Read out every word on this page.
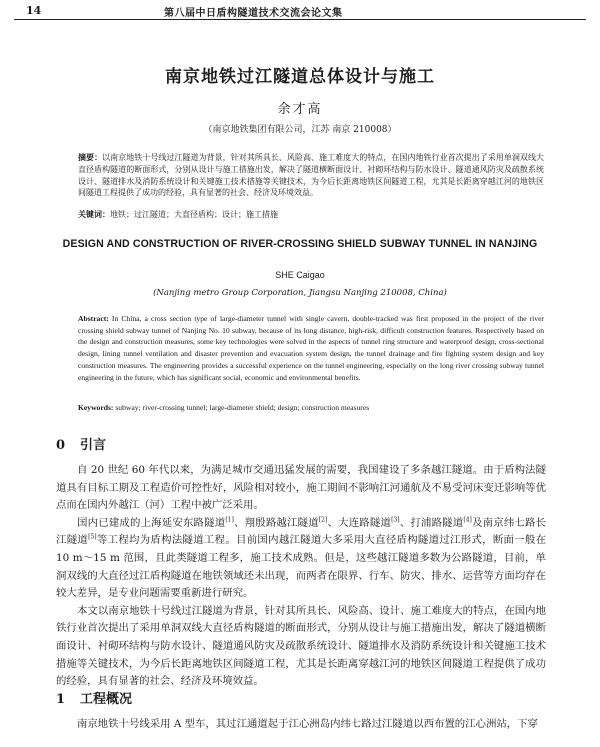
14	第八届中日盾构隧道技术交流会论文集
南京地铁过江隧道总体设计与施工
余才高
（南京地铁集团有限公司，江苏 南京 210008）
摘要：以南京地铁十号线过江隧道为背景，针对其所具长、风险高、施工难度大的特点，在国内地铁行业首次提出了采用单洞双线大直径盾构隧道的断面形式，分别从设计与施工措施出发，解决了隧道横断面设计、衬砌环结构与防水设计、隧道通风防灾及疏散系统设计、隧道排水及消防系统设计和关键施工技术措施等关键技术，为今后长距离地铁区间隧道工程，尤其是长距离穿越江河的地铁区间隧道工程提供了成功的经验，具有显著的社会、经济及环境效益。
关键词：地铁；过江隧道；大直径盾构；设计；施工措施
DESIGN AND CONSTRUCTION OF RIVER-CROSSING SHIELD SUBWAY TUNNEL IN NANJING
SHE Caigao
(Nanjing metro Group Corporation, Jiangsu Nanjing 210008, China)
Abstract: In China, a cross section type of large-diameter tunnel with single cavern, double-tracked was first proposed in the project of the river crossing shield subway tunnel of Nanjing No. 10 subway, because of its long distance, high-risk, difficult construction features. Respectively based on the design and construction measures, some key technologies were solved in the aspects of tunnel ring structure and waterproof design, cross-sectional design, lining tunnel ventilation and disaster prevention and evacuation system design, the tunnel drainage and fire fighting system design and key construction measures. The engineering provides a successful experience on the tunnel engineering, especially on the long river crossing subway tunnel engineering in the future, which has significant social, economic and environmental benefits.
Keywords: subway; river-crossing tunnel; large-diameter shield; design; construction measures
0 引言

自 20 世纪 60 年代以来，为满足城市交通迅猛发展的需要，我国建设了多条越江隧道。由于盾构法隧道具有目标工期及工程造价可控性好，风险相对较小，施工期间不影响江河通航及不易受河床变迁影响等优点而在国内外越江（河）工程中被广泛采用。

国内已建成的上海延安东路隧道[1]、翔殷路越江隧道[2]、大连路隧道[3]、打浦路隧道[4]及南京纬七路长江隧道[5]等工程均为盾构法隧道工程。目前国内越江隧道大多采用大直径盾构隧道过江形式，断面一般在 10 m～15 m 范围，且此类隧道工程多，施工技术成熟。但是，这些越江隧道多数为公路隧道，目前，单洞双线的大直径过江盾构隧道在地铁领域还未出现，而两者在限界、行车、防灾、排水、运营等方面均存在较大差异，是专业问题需要重新进行研究。

本文以南京地铁十号线过江隧道为背景，针对其所具长、风险高、设计、施工难度大的特点，在国内地铁行业首次提出了采用单洞双线大直径盾构隧道的断面形式，分别从设计与施工措施出发，解决了隧道横断面设计、衬砌环结构与防水设计、隧道通风防灾及疏散系统设计、隧道排水及消防系统设计和关键施工技术措施等关键技术，为今后长距离地铁区间隧道工程，尤其是长距离穿越江河的地铁区间隧道工程提供了成功的经验，具有显著的社会、经济及环境效益。

1 工程概况

南京地铁十号线采用 A 型车，其过江通道起于江心洲岛内纬七路过江隧道以西布置的江心洲站，下穿
